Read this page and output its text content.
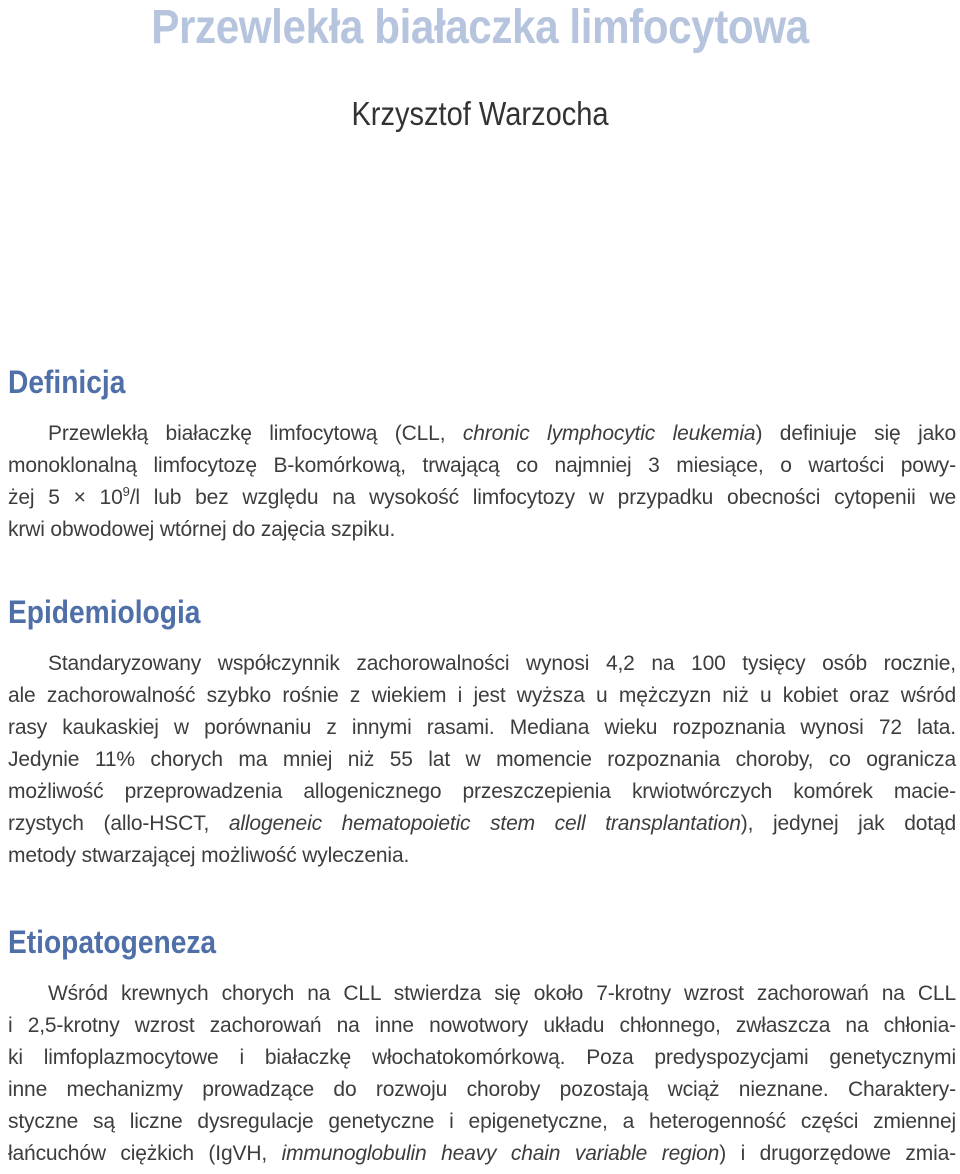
Przewlekła białaczka limfocytowa
Krzysztof Warzocha
Definicja
Przewlekłą białaczkę limfocytową (CLL, chronic lymphocytic leukemia) definiuje się jako
monoklonalną limfocytozę B-komórkową, trwającą co najmniej 3 miesiące, o wartości powy-
żej $5 \times 10^9/l$ lub bez względu na wysokość limfocytozy w przypadku obecności cytopenii we
krwi obwodowej wtórnej do zajęcia szpiku.
Epidemiologia
Standaryzowany współczynnik zachorowalności wynosi 4,2 na 100 tysięcy osób rocznie,
ale zachorowalność szybko rośnie z wiekiem i jest wyższa u mężczyzn niż u kobiet oraz wśród
rasy kaukaskiej w porównaniu z innymi rasami. Mediana wieku rozpoznania wynosi 72 lata.
Jedynie 11% chorych ma mniej niż 55 lat w momencie rozpoznania choroby, co ogranicza
możliwość przeprowadzenia allogenicznego przeszczepienia krwiotwórczych komórek macie-
rzystych (allo-HSCT, allogeneic hematopoietic stem cell transplantation), jedynej jak dotąd
metody stwarzającej możliwość wyleczenia.
Etiopatogeneza
Wśród krewnych chorych na CLL stwierdza się około 7-krotny wzrost zachorowań na CLL
i 2,5-krotny wzrost zachorowań na inne nowotwory układu chłonnego, zwłaszcza na chłonia-
ki limfoplazmocytowe i białaczkę włochatokomórkową. Poza predyspozycjami genetycznymi
inne mechanizmy prowadzące do rozwoju choroby pozostają wciąż nieznane. Charaktery-
styczne są liczne dysregulacje genetyczne i epigenetyczne, a heterogenność części zmiennej
łańcuchów ciężkich (IgVH, immunoglobulin heavy chain variable region) i drugorzędowe zmia-
